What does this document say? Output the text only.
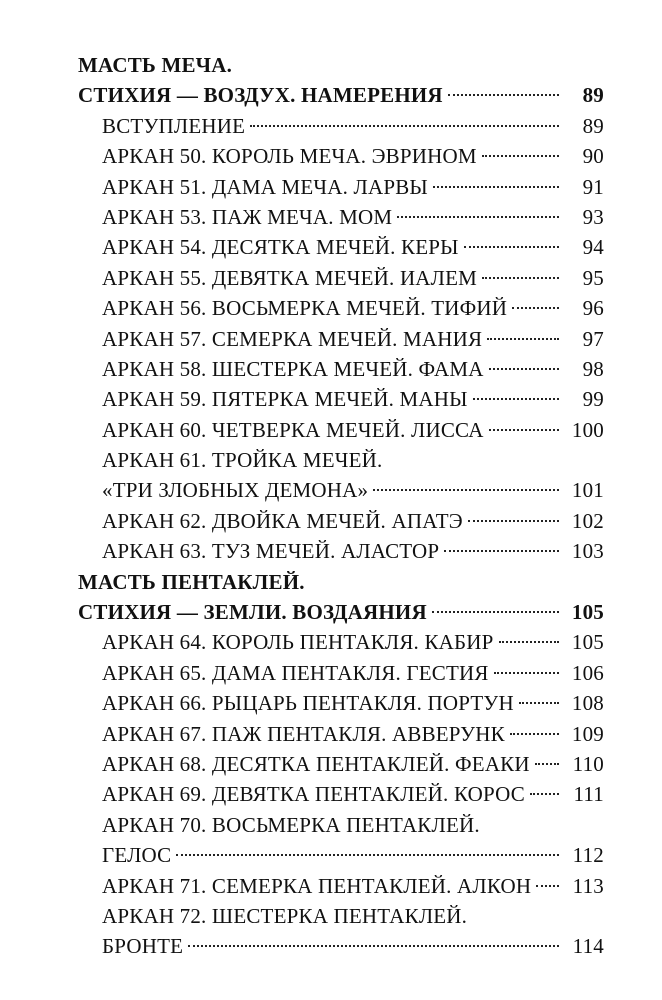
МАСТЬ МЕЧА.
СТИХИЯ — ВОЗДУХ. НАМЕРЕНИЯ	89
ВСТУПЛЕНИЕ	89
АРКАН 50. КОРОЛЬ МЕЧА. ЭВРИНОМ	90
АРКАН 51. ДАМА МЕЧА. ЛАРВЫ	91
АРКАН 53. ПАЖ МЕЧА. МОМ	93
АРКАН 54. ДЕСЯТКА МЕЧЕЙ. КЕРЫ	94
АРКАН 55. ДЕВЯТКА МЕЧЕЙ. ИАЛЕМ	95
АРКАН 56. ВОСЬМЕРКА МЕЧЕЙ. ТИФИЙ	96
АРКАН 57. СЕМЕРКА МЕЧЕЙ. МАНИЯ	97
АРКАН 58. ШЕСТЕРКА МЕЧЕЙ. ФАМА	98
АРКАН 59. ПЯТЕРКА МЕЧЕЙ. МАНЫ	99
АРКАН 60. ЧЕТВЕРКА МЕЧЕЙ. ЛИССА	100
АРКАН 61. ТРОЙКА МЕЧЕЙ.
«ТРИ ЗЛОБНЫХ ДЕМОНА»	101
АРКАН 62. ДВОЙКА МЕЧЕЙ. АПАТЭ	102
АРКАН 63. ТУЗ МЕЧЕЙ. АЛАСТОР	103
МАСТЬ ПЕНТАКЛЕЙ.
СТИХИЯ — ЗЕМЛИ. ВОЗДАЯНИЯ	105
АРКАН 64. КОРОЛЬ ПЕНТАКЛЯ. КАБИР	105
АРКАН 65. ДАМА ПЕНТАКЛЯ. ГЕСТИЯ	106
АРКАН 66. РЫЦАРЬ ПЕНТАКЛЯ. ПОРТУН	108
АРКАН 67. ПАЖ ПЕНТАКЛЯ. АВВЕРУНК	109
АРКАН 68. ДЕСЯТКА ПЕНТАКЛЕЙ. ФЕАКИ	110
АРКАН 69. ДЕВЯТКА ПЕНТАКЛЕЙ. КОРОС	111
АРКАН 70. ВОСЬМЕРКА ПЕНТАКЛЕЙ.
ГЕЛОС	112
АРКАН 71. СЕМЕРКА ПЕНТАКЛЕЙ. АЛКОН	113
АРКАН 72. ШЕСТЕРКА ПЕНТАКЛЕЙ.
БРОНТЕ	114
